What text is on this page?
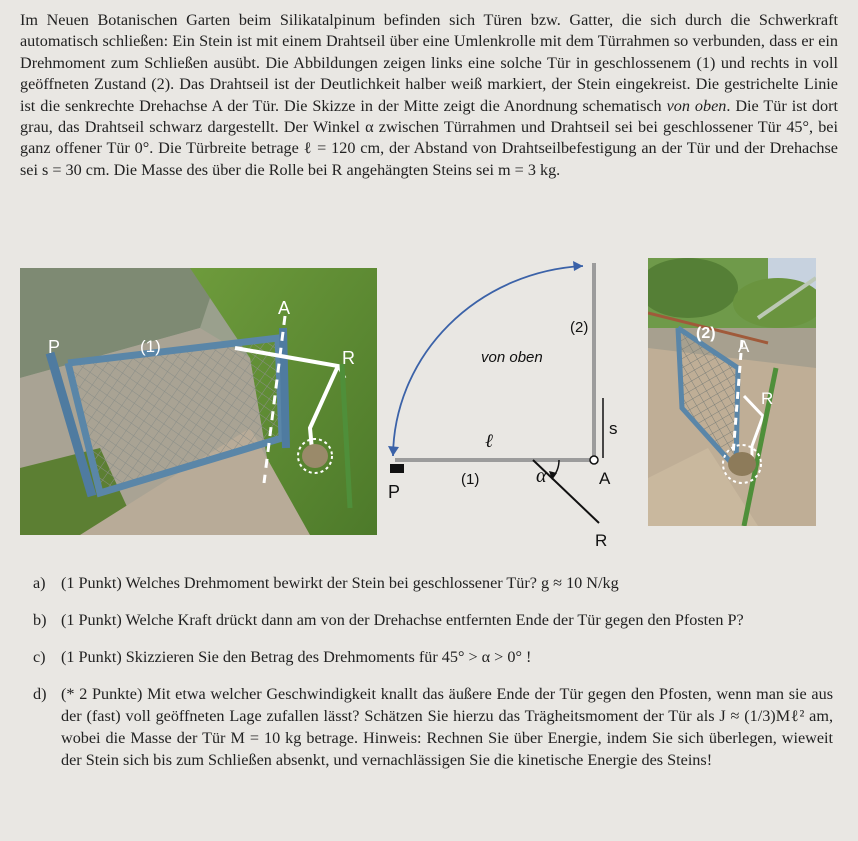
Im Neuen Botanischen Garten beim Silikatalpinum befinden sich Türen bzw. Gatter, die sich durch die Schwerkraft automatisch schließen: Ein Stein ist mit einem Drahtseil über eine Umlenkrolle mit dem Türrahmen so verbunden, dass er ein Drehmoment zum Schließen ausübt. Die Abbildungen zeigen links eine solche Tür in geschlossenem (1) und rechts in voll geöffneten Zustand (2). Das Drahtseil ist der Deutlichkeit halber weiß markiert, der Stein eingekreist. Die gestrichelte Linie ist die senkrechte Drehachse A der Tür. Die Skizze in der Mitte zeigt die Anordnung schematisch von oben. Die Tür ist dort grau, das Drahtseil schwarz dargestellt. Der Winkel α zwischen Türrahmen und Drahtseil sei bei geschlossener Tür 45°, bei ganz offener Tür 0°. Die Türbreite betrage ℓ = 120 cm, der Abstand von Drahtseilbefestigung an der Tür und der Drehachse sei s = 30 cm. Die Masse des über die Rolle bei R angehängten Steins sei m = 3 kg.

A
P	(1)
R
(2)
von oben
s
ℓ
(1)	α	A
P
R
(2)
A
R
a) (1 Punkt) Welches Drehmoment bewirkt der Stein bei geschlossener Tür? g ≈ 10 N/kg
b) (1 Punkt) Welche Kraft drückt dann am von der Drehachse entfernten Ende der Tür gegen den Pfosten P?
c) (1 Punkt) Skizzieren Sie den Betrag des Drehmoments für 45° > α > 0° !
d) (* 2 Punkte) Mit etwa welcher Geschwindigkeit knallt das äußere Ende der Tür gegen den Pfosten, wenn man sie aus der (fast) voll geöffneten Lage zufallen lässt? Schätzen Sie hierzu das Trägheitsmoment der Tür als J ≈ (1/3)Mℓ² am, wobei die Masse der Tür M = 10 kg betrage. Hinweis: Rechnen Sie über Energie, indem Sie sich überlegen, wieweit der Stein sich bis zum Schließen absenkt, und vernachlässigen Sie die kinetische Energie des Steins!
